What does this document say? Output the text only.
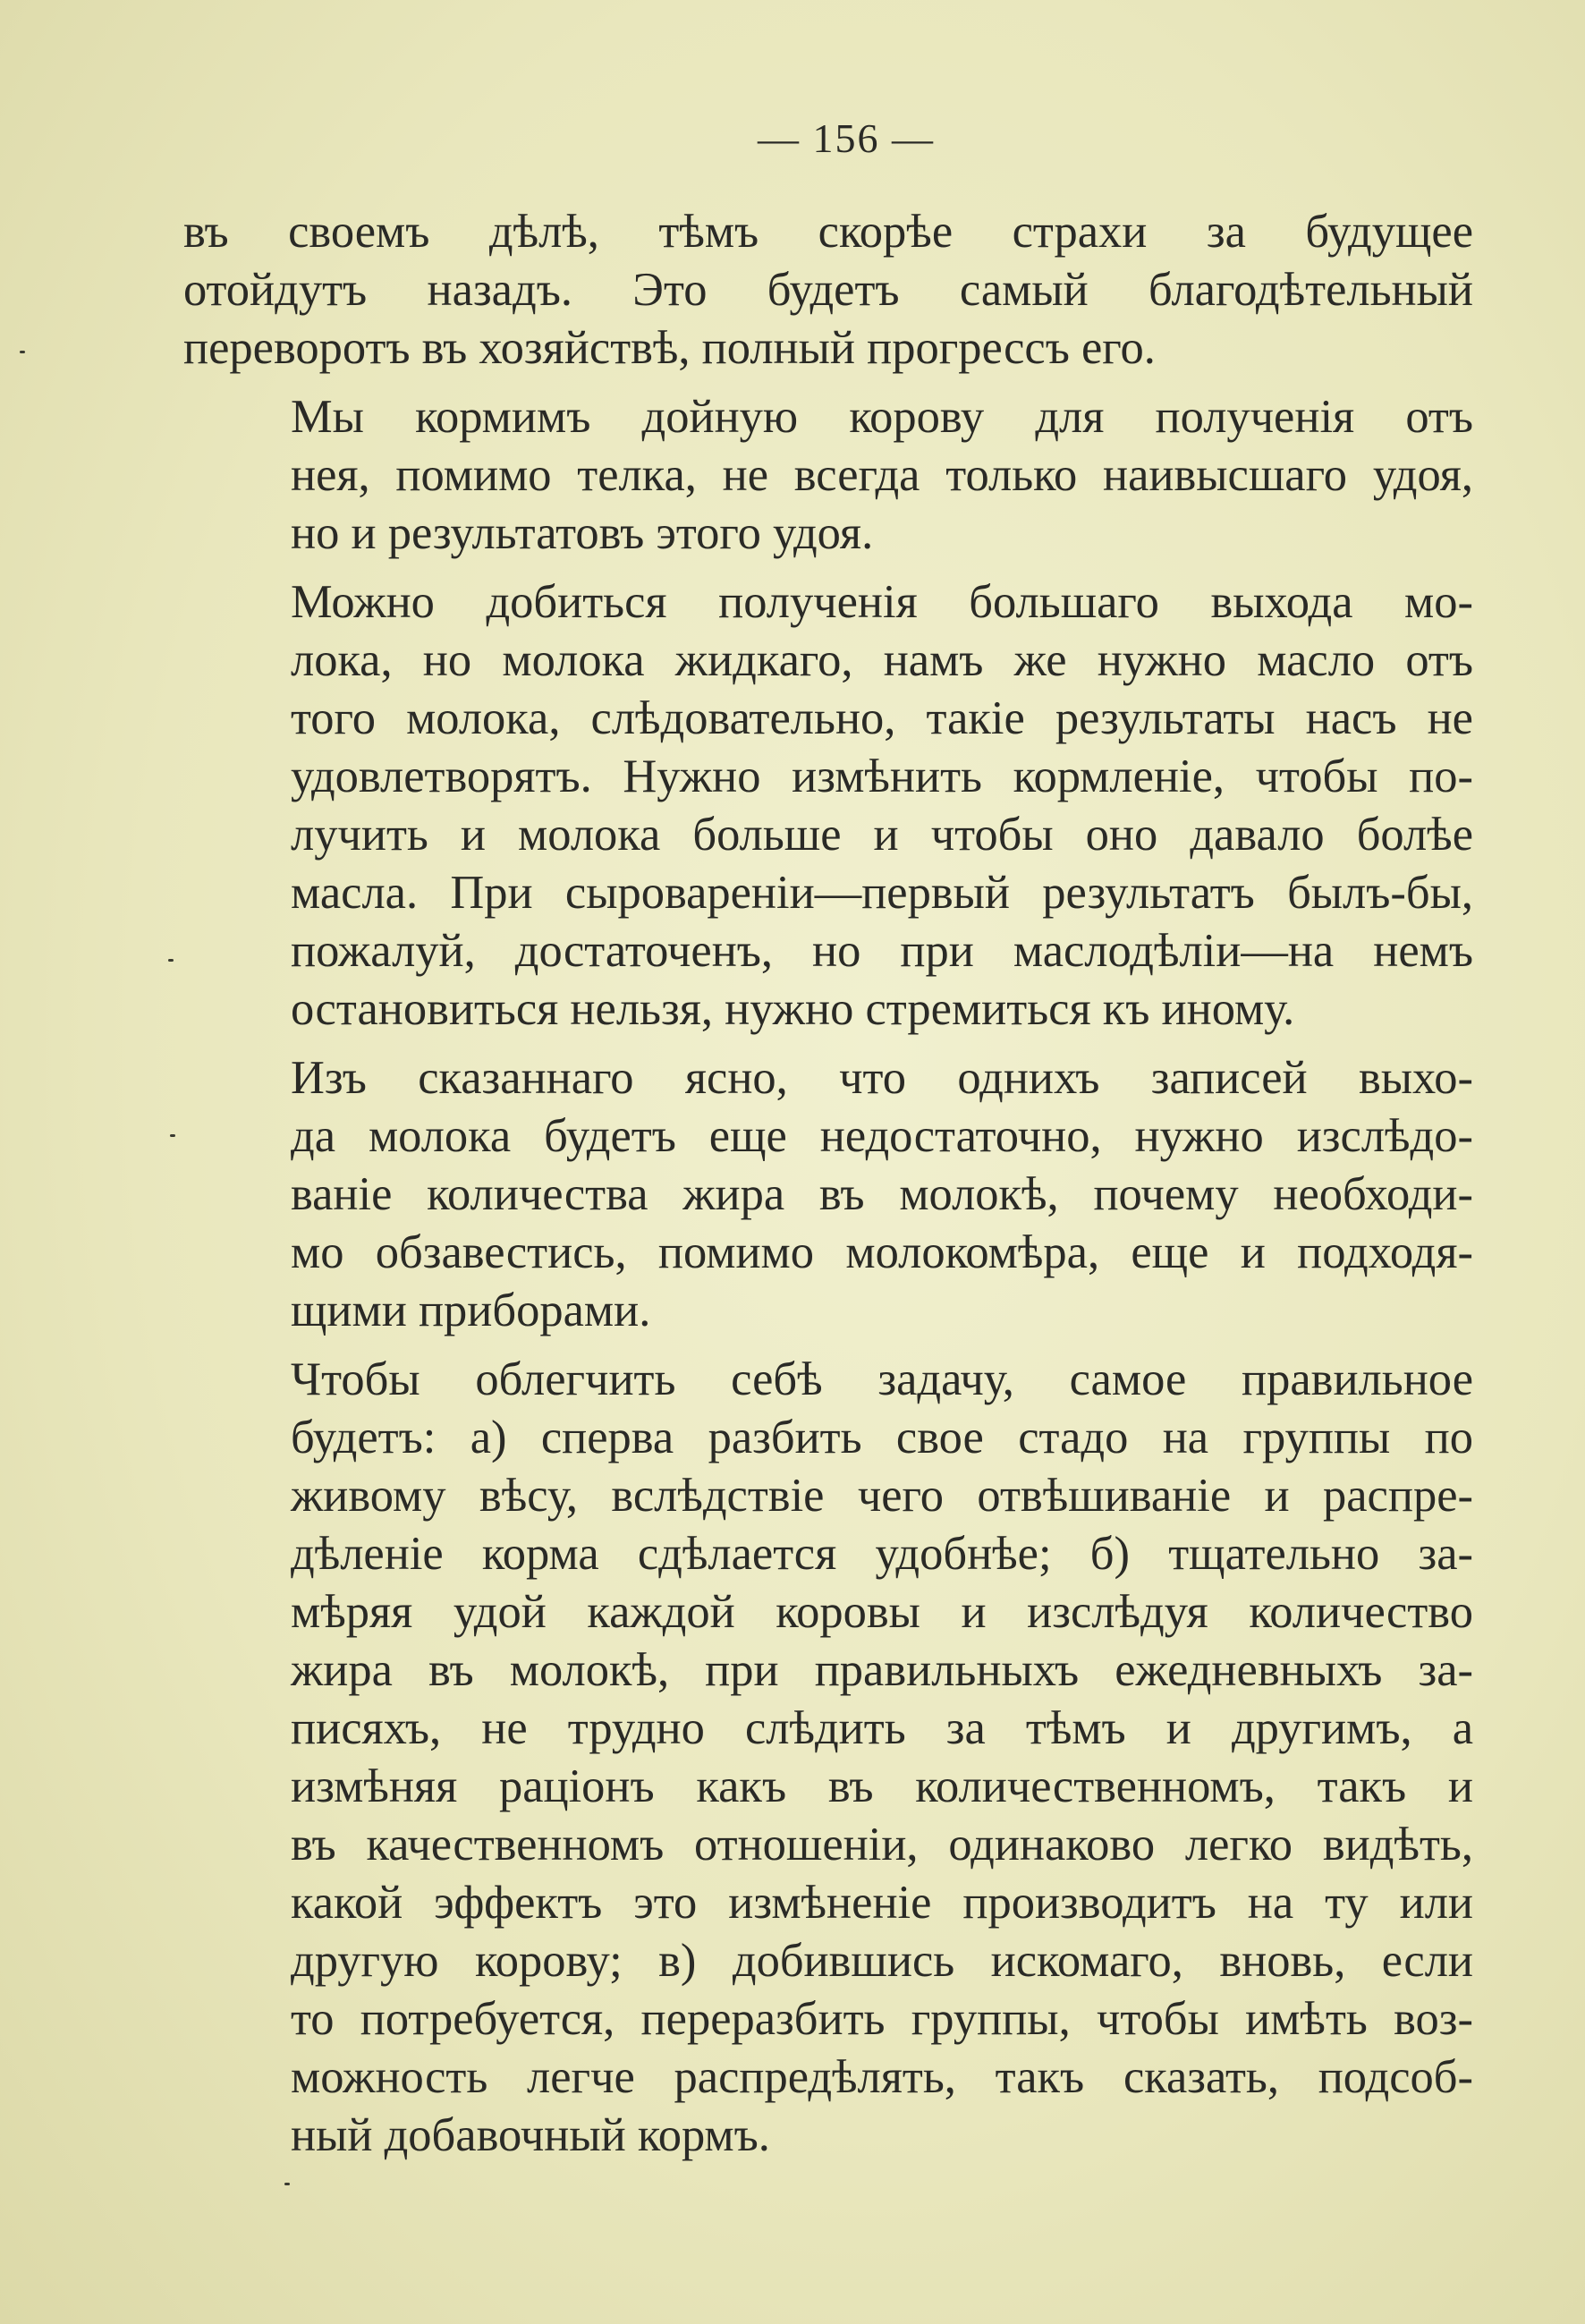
— 156 —
въ своемъ дѣлѣ, тѣмъ скорѣе страхи за будущее
отойдутъ назадъ. Это будетъ самый благодѣтельный
переворотъ въ хозяйствѣ, полный прогрессъ его.
Мы кормимъ дойную корову для полученія отъ
нея, помимо телка, не всегда только наивысшаго удоя,
но и результатовъ этого удоя.
Можно добиться полученія большаго выхода мо-
лока, но молока жидкаго, намъ же нужно масло отъ
того молока, слѣдовательно, такіе результаты насъ не
удовлетворятъ. Нужно измѣнить кормленіе, чтобы по-
лучить и молока больше и чтобы оно давало болѣе
масла. При сыровареніи—первый результатъ былъ-бы,
пожалуй, достаточенъ, но при маслодѣліи—на немъ
остановиться нельзя, нужно стремиться къ иному.
Изъ сказаннаго ясно, что однихъ записей выхо-
да молока будетъ еще недостаточно, нужно изслѣдо-
ваніе количества жира въ молокѣ, почему необходи-
мо обзавестись, помимо молокомѣра, еще и подходя-
щими приборами.
Чтобы облегчить себѣ задачу, самое правильное
будетъ: а) сперва разбить свое стадо на группы по
живому вѣсу, вслѣдствіе чего отвѣшиваніе и распре-
дѣленіе корма сдѣлается удобнѣе; б) тщательно за-
мѣряя удой каждой коровы и изслѣдуя количество
жира въ молокѣ, при правильныхъ ежедневныхъ за-
писяхъ, не трудно слѣдить за тѣмъ и другимъ, а
измѣняя раціонъ какъ въ количественномъ, такъ и
въ качественномъ отношеніи, одинаково легко видѣть,
какой эффектъ это измѣненіе производитъ на ту или
другую корову; в) добившись искомаго, вновь, если
то потребуется, переразбить группы, чтобы имѣть воз-
можность легче распредѣлять, такъ сказать, подсоб-
ный добавочный кормъ.
